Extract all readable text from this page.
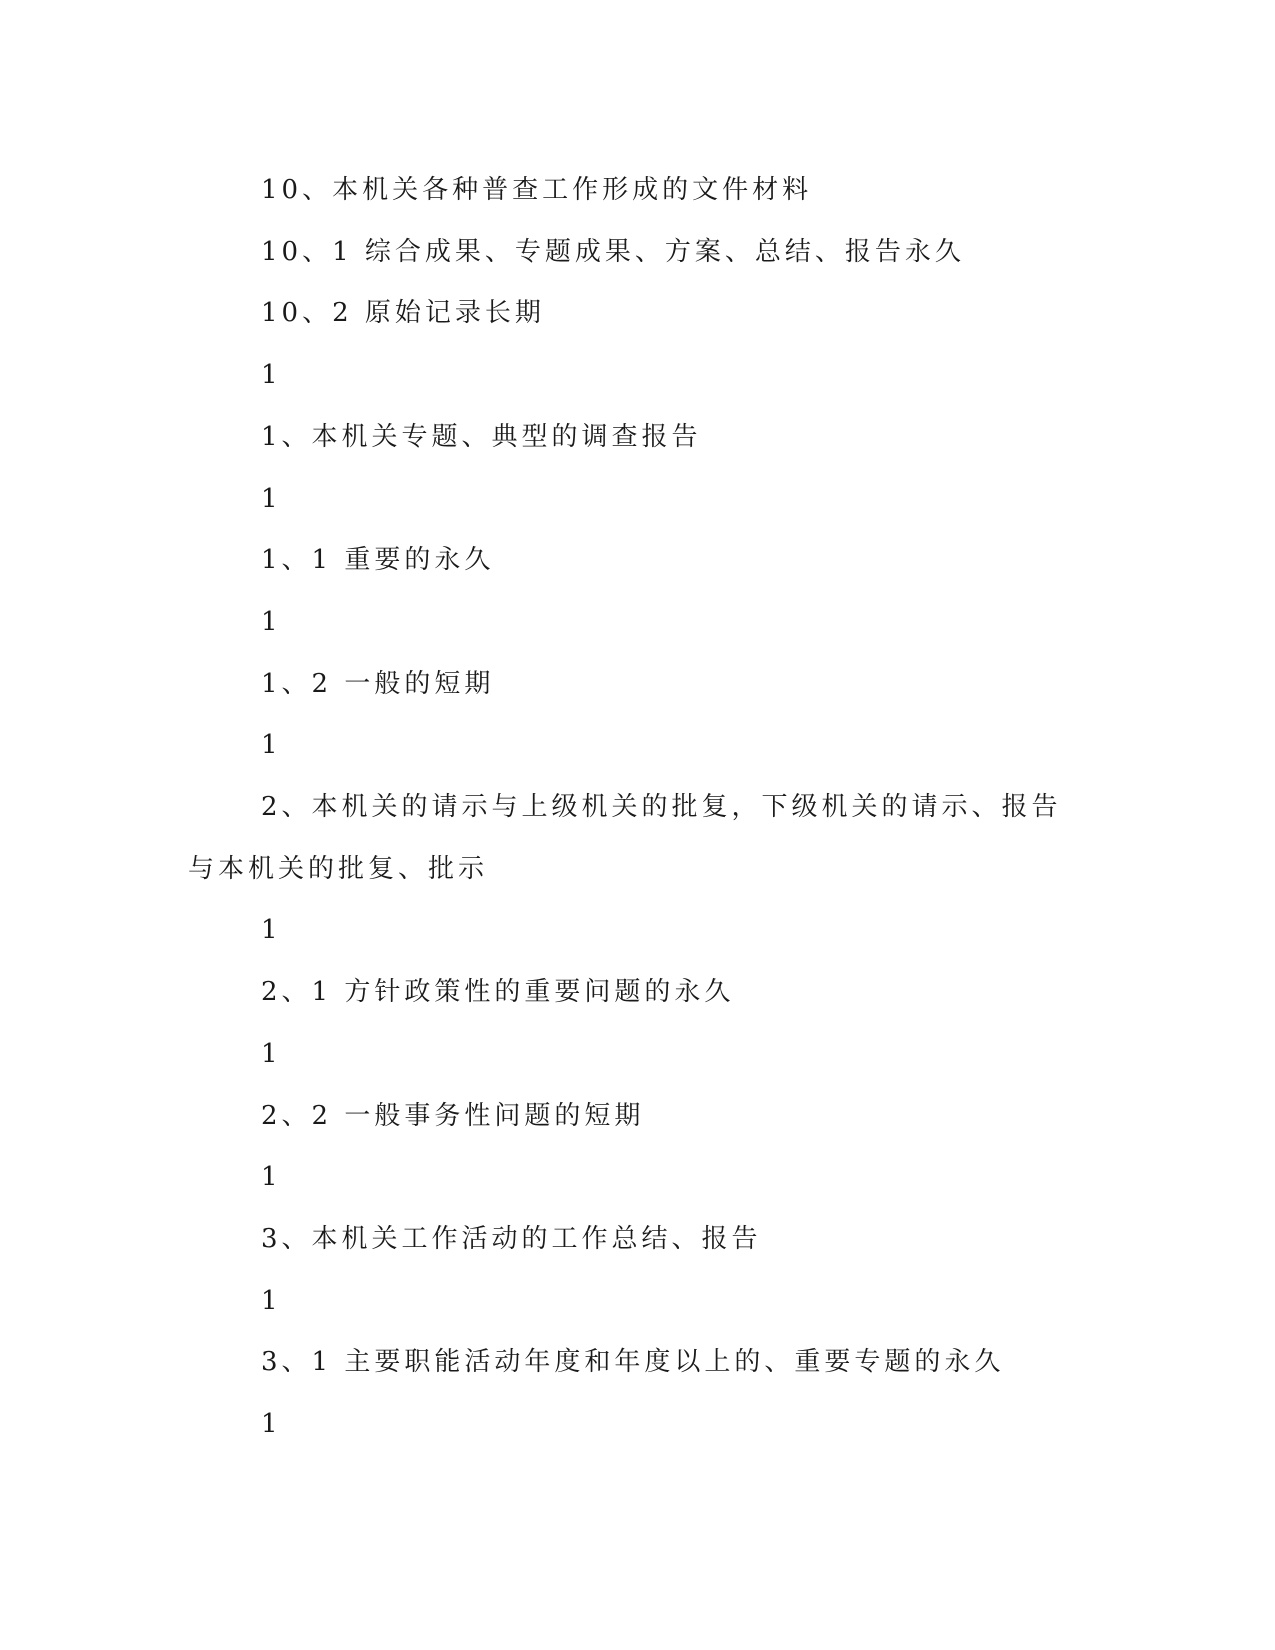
10、本机关各种普查工作形成的文件材料

10、1 综合成果、专题成果、方案、总结、报告永久

10、2 原始记录长期

1

1、本机关专题、典型的调查报告

1

1、1 重要的永久

1

1、2 一般的短期

1

2、本机关的请示与上级机关的批复，下级机关的请示、报告与本机关的批复、批示

1

2、1 方针政策性的重要问题的永久

1

2、2 一般事务性问题的短期

1

3、本机关工作活动的工作总结、报告

1

3、1 主要职能活动年度和年度以上的、重要专题的永久

1
